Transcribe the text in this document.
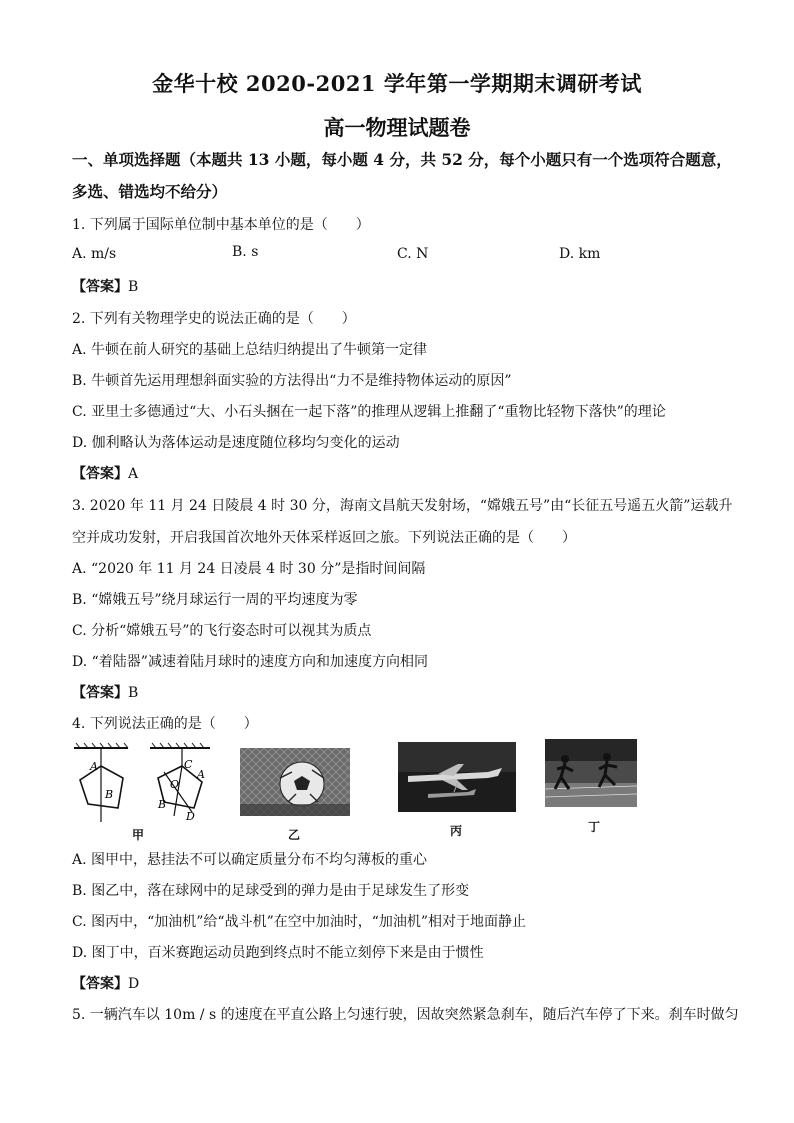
金华十校 2020-2021 学年第一学期期末调研考试
高一物理试题卷
一、单项选择题（本题共 13 小题，每小题 4 分，共 52 分，每个小题只有一个选项符合题意，
多选、错选均不给分）
1. 下列属于国际单位制中基本单位的是（　　）
A. m/s	B. s	C. N	D. km
【答案】B
2. 下列有关物理学史的说法正确的是（　　）
A. 牛顿在前人研究的基础上总结归纳提出了牛顿第一定律
B. 牛顿首先运用理想斜面实验的方法得出“力不是维持物体运动的原因”
C. 亚里士多德通过“大、小石头捆在一起下落”的推理从逻辑上推翻了“重物比轻物下落快”的理论
D. 伽利略认为落体运动是速度随位移均匀变化的运动
【答案】A
3. 2020 年 11 月 24 日陵晨 4 时 30 分，海南文昌航天发射场，“嫦娥五号”由“长征五号遥五火箭”运载升
空并成功发射，开启我国首次地外天体采样返回之旅。下列说法正确的是（　　）
A. “2020 年 11 月 24 日凌晨 4 时 30 分”是指时间间隔
B. “嫦娥五号”绕月球运行一周的平均速度为零
C. 分析“嫦娥五号”的飞行姿态时可以视其为质点
D. “着陆器”减速着陆月球时的速度方向和加速度方向相同
【答案】B
4. 下列说法正确的是（　　）
A
B
C
O
A
B
D
甲	乙	丙	丁
A. 图甲中，悬挂法不可以确定质量分布不均匀薄板的重心
B. 图乙中，落在球网中的足球受到的弹力是由于足球发生了形变
C. 图丙中，“加油机”给“战斗机”在空中加油时，“加油机”相对于地面静止
D. 图丁中，百米赛跑运动员跑到终点时不能立刻停下来是由于惯性
【答案】D
5. 一辆汽车以 10m / s 的速度在平直公路上匀速行驶，因故突然紧急刹车，随后汽车停了下来。刹车时做匀
